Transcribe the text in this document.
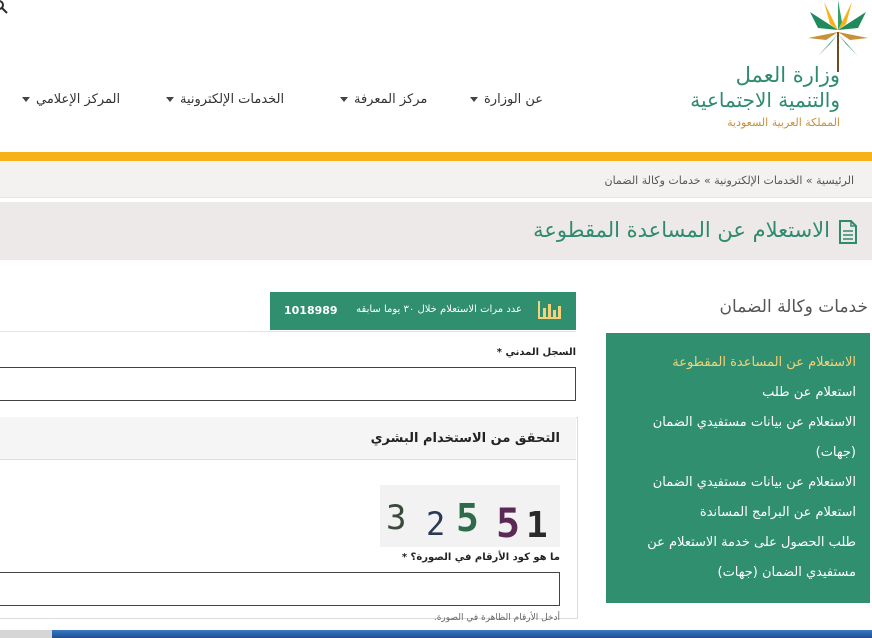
وزارة العمل
والتنمية الاجتماعية
المملكة العربية السعودية
عن الوزارة
مركز المعرفة
الخدمات الإلكترونية
المركز الإعلامي
الرئيسية » الخدمات الإلكترونية » خدمات وكالة الضمان
الاستعلام عن المساعدة المقطوعة
خدمات وكالة الضمان
الاستعلام عن المساعدة المقطوعة
استعلام عن طلب
الاستعلام عن بيانات مستفيدي الضمان
(جهات)
الاستعلام عن بيانات مستفيدي الضمان
استعلام عن البرامج المساندة
طلب الحصول على خدمة الاستعلام عن
مستفيدي الضمان (جهات)
عدد مرات الاستعلام خلال ٣٠ يوما سابقه
1018989
السجل المدني *
التحقق من الاستخدام البشري
3 2 5 5 1
ما هو كود الأرقام في الصورة؟ *
أدخل الأرقام الظاهرة في الصورة.
